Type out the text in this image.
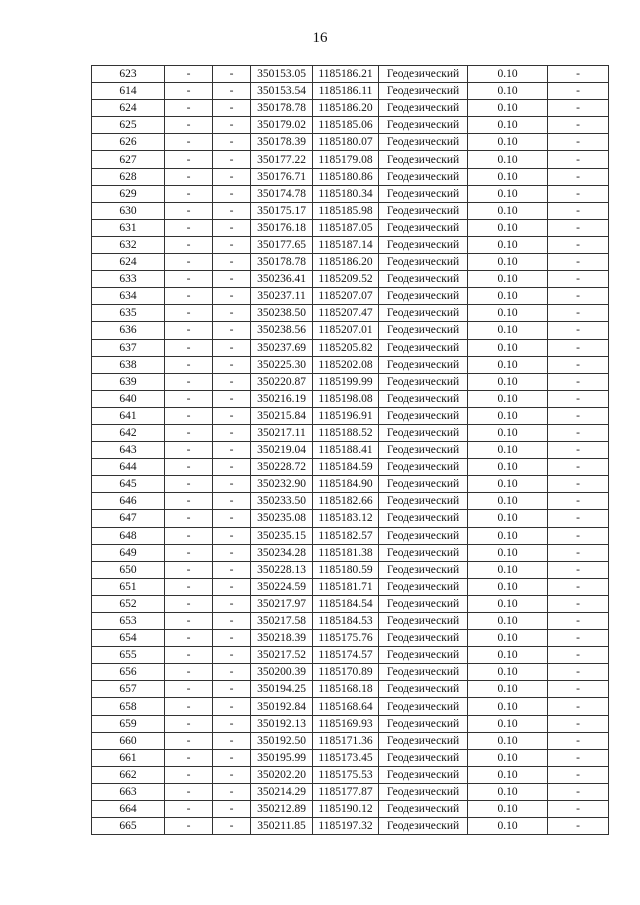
16
623	-	-	350153.05	1185186.21	Геодезический	0.10	-
614	-	-	350153.54	1185186.11	Геодезический	0.10	-
624	-	-	350178.78	1185186.20	Геодезический	0.10	-
625	-	-	350179.02	1185185.06	Геодезический	0.10	-
626	-	-	350178.39	1185180.07	Геодезический	0.10	-
627	-	-	350177.22	1185179.08	Геодезический	0.10	-
628	-	-	350176.71	1185180.86	Геодезический	0.10	-
629	-	-	350174.78	1185180.34	Геодезический	0.10	-
630	-	-	350175.17	1185185.98	Геодезический	0.10	-
631	-	-	350176.18	1185187.05	Геодезический	0.10	-
632	-	-	350177.65	1185187.14	Геодезический	0.10	-
624	-	-	350178.78	1185186.20	Геодезический	0.10	-
633	-	-	350236.41	1185209.52	Геодезический	0.10	-
634	-	-	350237.11	1185207.07	Геодезический	0.10	-
635	-	-	350238.50	1185207.47	Геодезический	0.10	-
636	-	-	350238.56	1185207.01	Геодезический	0.10	-
637	-	-	350237.69	1185205.82	Геодезический	0.10	-
638	-	-	350225.30	1185202.08	Геодезический	0.10	-
639	-	-	350220.87	1185199.99	Геодезический	0.10	-
640	-	-	350216.19	1185198.08	Геодезический	0.10	-
641	-	-	350215.84	1185196.91	Геодезический	0.10	-
642	-	-	350217.11	1185188.52	Геодезический	0.10	-
643	-	-	350219.04	1185188.41	Геодезический	0.10	-
644	-	-	350228.72	1185184.59	Геодезический	0.10	-
645	-	-	350232.90	1185184.90	Геодезический	0.10	-
646	-	-	350233.50	1185182.66	Геодезический	0.10	-
647	-	-	350235.08	1185183.12	Геодезический	0.10	-
648	-	-	350235.15	1185182.57	Геодезический	0.10	-
649	-	-	350234.28	1185181.38	Геодезический	0.10	-
650	-	-	350228.13	1185180.59	Геодезический	0.10	-
651	-	-	350224.59	1185181.71	Геодезический	0.10	-
652	-	-	350217.97	1185184.54	Геодезический	0.10	-
653	-	-	350217.58	1185184.53	Геодезический	0.10	-
654	-	-	350218.39	1185175.76	Геодезический	0.10	-
655	-	-	350217.52	1185174.57	Геодезический	0.10	-
656	-	-	350200.39	1185170.89	Геодезический	0.10	-
657	-	-	350194.25	1185168.18	Геодезический	0.10	-
658	-	-	350192.84	1185168.64	Геодезический	0.10	-
659	-	-	350192.13	1185169.93	Геодезический	0.10	-
660	-	-	350192.50	1185171.36	Геодезический	0.10	-
661	-	-	350195.99	1185173.45	Геодезический	0.10	-
662	-	-	350202.20	1185175.53	Геодезический	0.10	-
663	-	-	350214.29	1185177.87	Геодезический	0.10	-
664	-	-	350212.89	1185190.12	Геодезический	0.10	-
665	-	-	350211.85	1185197.32	Геодезический	0.10	-
